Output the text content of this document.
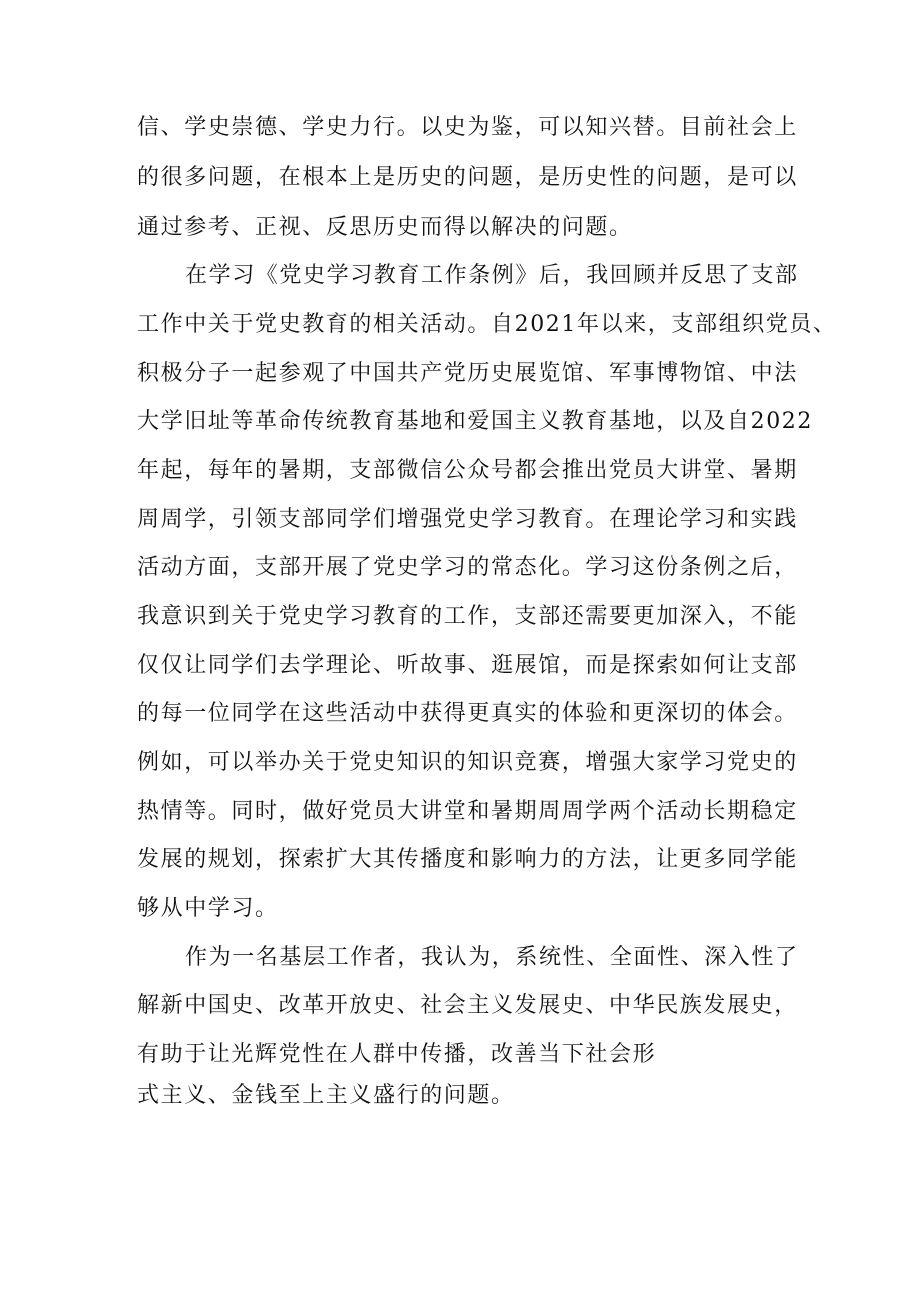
信、学史崇德、学史力行。以史为鉴，可以知兴替。目前社会上

的很多问题，在根本上是历史的问题，是历史性的问题，是可以

通过参考、正视、反思历史而得以解决的问题。

在学习《党史学习教育工作条例》后，我回顾并反思了支部

工作中关于党史教育的相关活动。自2021年以来，支部组织党员、

积极分子一起参观了中国共产党历史展览馆、军事博物馆、中法

大学旧址等革命传统教育基地和爱国主义教育基地，以及自2022

年起，每年的暑期，支部微信公众号都会推出党员大讲堂、暑期

周周学，引领支部同学们增强党史学习教育。在理论学习和实践

活动方面，支部开展了党史学习的常态化。学习这份条例之后，

我意识到关于党史学习教育的工作，支部还需要更加深入，不能

仅仅让同学们去学理论、听故事、逛展馆，而是探索如何让支部

的每一位同学在这些活动中获得更真实的体验和更深切的体会。

例如，可以举办关于党史知识的知识竞赛，增强大家学习党史的

热情等。同时，做好党员大讲堂和暑期周周学两个活动长期稳定

发展的规划，探索扩大其传播度和影响力的方法，让更多同学能

够从中学习。

作为一名基层工作者，我认为，系统性、全面性、深入性了

解新中国史、改革开放史、社会主义发展史、中华民族发展史，

有助于让光辉党性在人群中传播，改善当下社会形

式主义、金钱至上主义盛行的问题。
